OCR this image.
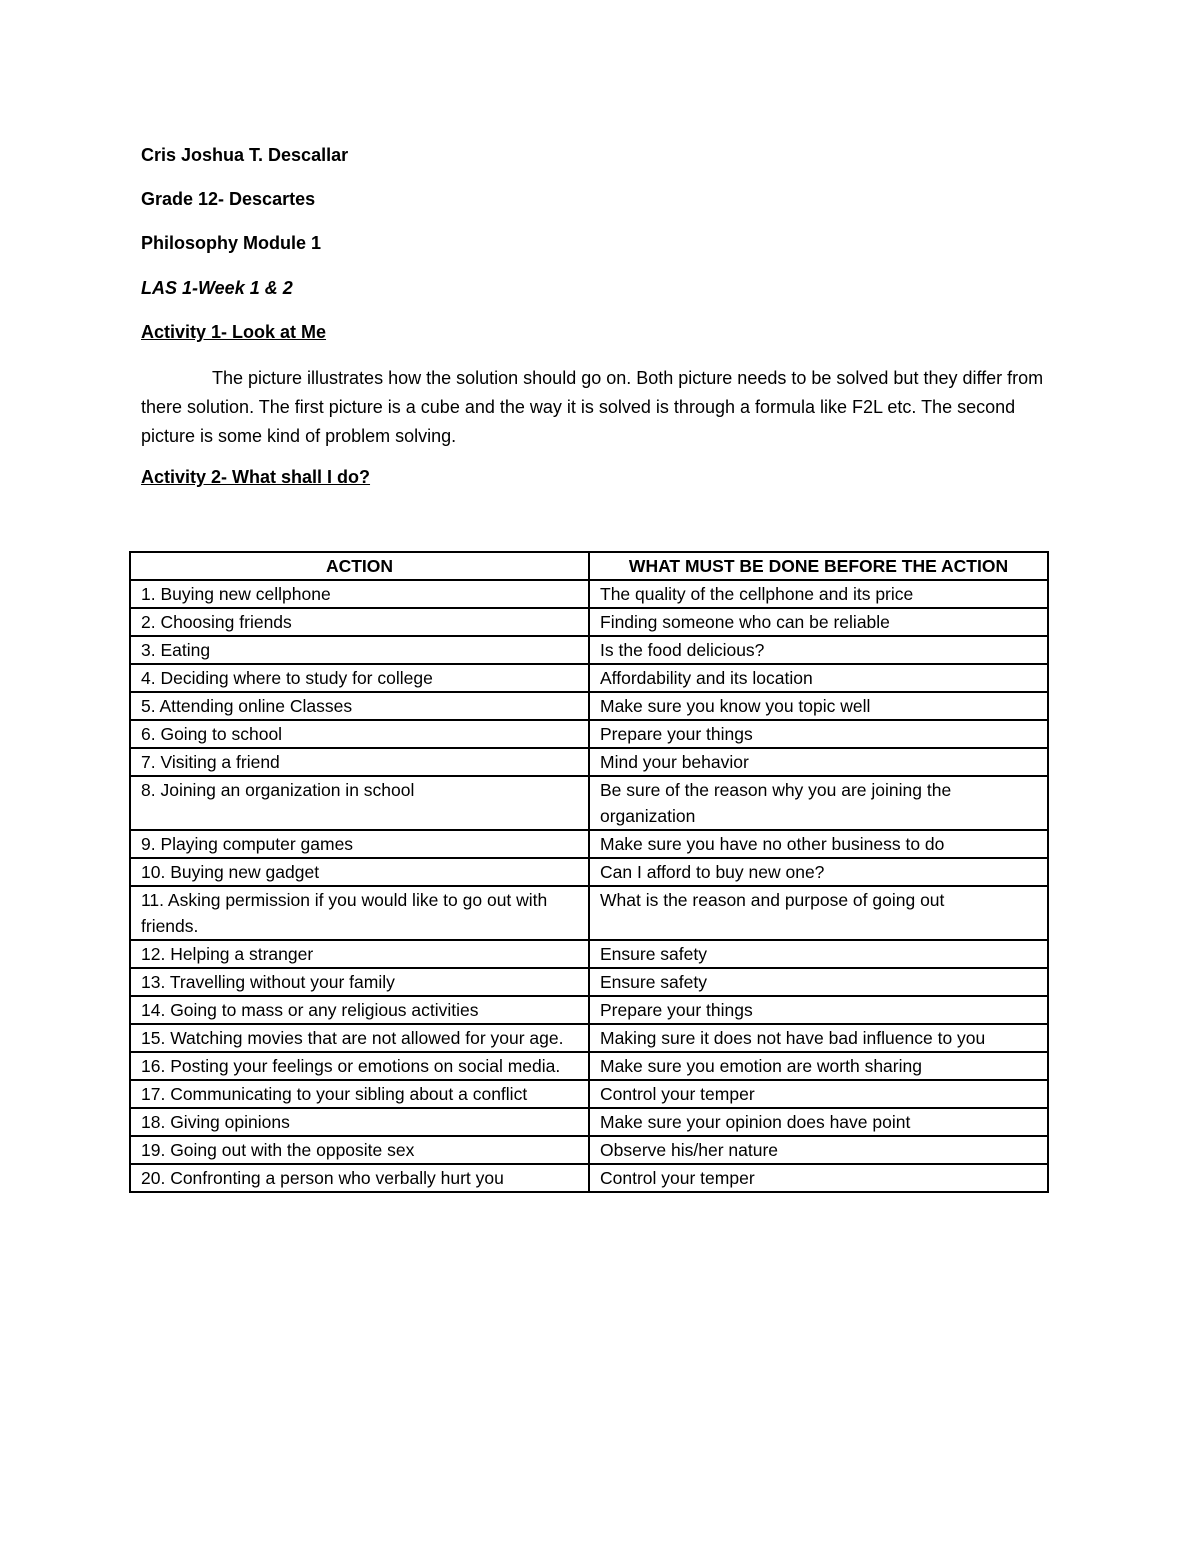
Cris Joshua T. Descallar
Grade 12- Descartes
Philosophy Module 1
LAS 1-Week 1 & 2
Activity 1- Look at Me
The picture illustrates how the solution should go on. Both picture needs to be solved but they differ from there solution. The first picture is a cube and the way it is solved is through a formula like F2L etc. The second picture is some kind of problem solving.
Activity 2- What shall I do?
ACTION	WHAT MUST BE DONE BEFORE THE ACTION
1. Buying new cellphone	The quality of the cellphone and its price
2. Choosing friends	Finding someone who can be reliable
3. Eating	Is the food delicious?
4. Deciding where to study for college	Affordability and its location
5. Attending online Classes	Make sure you know you topic well
6. Going to school	Prepare your things
7. Visiting a friend	Mind your behavior
8. Joining an organization in school	Be sure of the reason why you are joining the organization
9. Playing computer games	Make sure you have no other business to do
10. Buying new gadget	Can I afford to buy new one?
11. Asking permission if you would like to go out with friends.	What is the reason and purpose of going out
12. Helping a stranger	Ensure safety
13. Travelling without your family	Ensure safety
14. Going to mass or any religious activities	Prepare your things
15. Watching movies that are not allowed for your age.	Making sure it does not have bad influence to you
16. Posting your feelings or emotions on social media.	Make sure you emotion are worth sharing
17. Communicating to your sibling about a conflict	Control your temper
18. Giving opinions	Make sure your opinion does have point
19. Going out with the opposite sex	Observe his/her nature
20. Confronting a person who verbally hurt you	Control your temper
